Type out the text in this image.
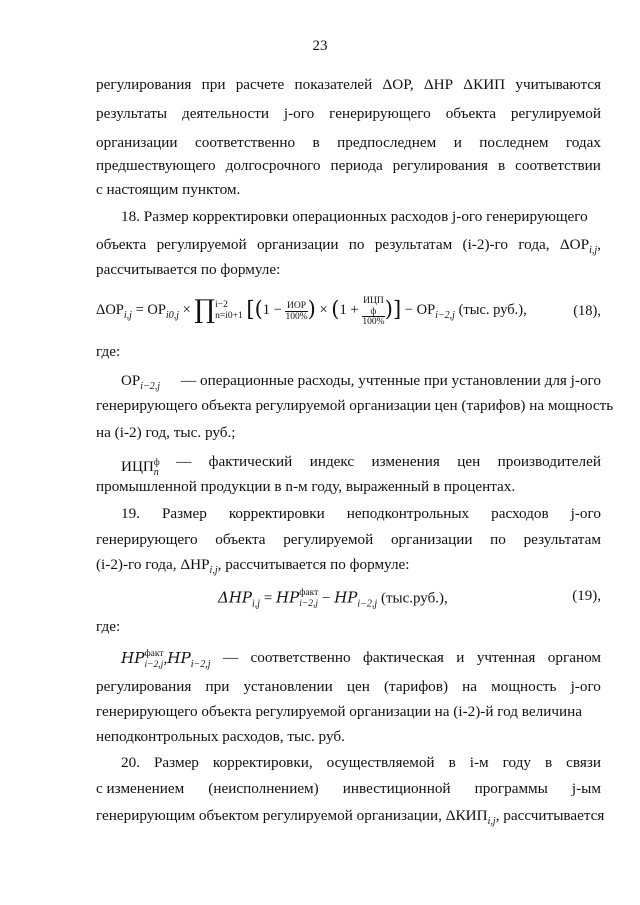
23
регулирования при расчете показателей ΔОР, ΔНР ΔКИП учитываются
результаты деятельности j-ого генерирующего объекта регулируемой
организации соответственно в предпоследнем и последнем годах
предшествующего долгосрочного периода регулирования в соответствии
с настоящим пунктом.
18. Размер корректировки операционных расходов j-ого генерирующего
объекта регулируемой организации по результатам (i-2)-го года, $\Delta ОР_{i,j}$,
рассчитывается по формуле:
$\Delta ОР_{i,j} = ОР_{i0,j}$ × ∏ i−2
n=i0+1 [($1 - \frac{\text{ИОР}}{100\%}$ ) × (1 + ИЦП
ф
100% )] − $ОР_{i-2,j}$ (тыс. руб.),	(18),
где:
$ОР_{i-2,j}$ — операционные расходы, учтенные при установлении для j-ого
генерирующего объекта регулируемой организации цен (тарифов) на мощность
на (i-2) год, тыс. руб.;
$ИЦП^ф_n$
— фактический индекс изменения цен производителей
промышленной продукции в n-м году, выраженный в процентах.
19. Размер корректировки неподконтрольных расходов j-ого
генерирующего объекта регулируемой организации по результатам
(i-2)-го года, $\Delta НР_{i,j}$, рассчитывается по формуле:
$\Delta HP_{i,j}$ = HP факт
$i-2,j - HP_{i-2,j}$ (тыс.руб.),	(19),
где:
HP факт
i−2,j $,HP_{i-2,j}$ — соответственно фактическая и учтенная органом
регулирования при установлении цен (тарифов) на мощность j-ого
генерирующего объекта регулируемой организации на (i-2)-й год величина
неподконтрольных расходов, тыс. руб.
20. Размер корректировки, осуществляемой в i-м году в связи
с изменением (неисполнением) инвестиционной программы j-ым
генерирующим объектом регулируемой организации, $\Delta КИП_{i,j}$, рассчитывается
